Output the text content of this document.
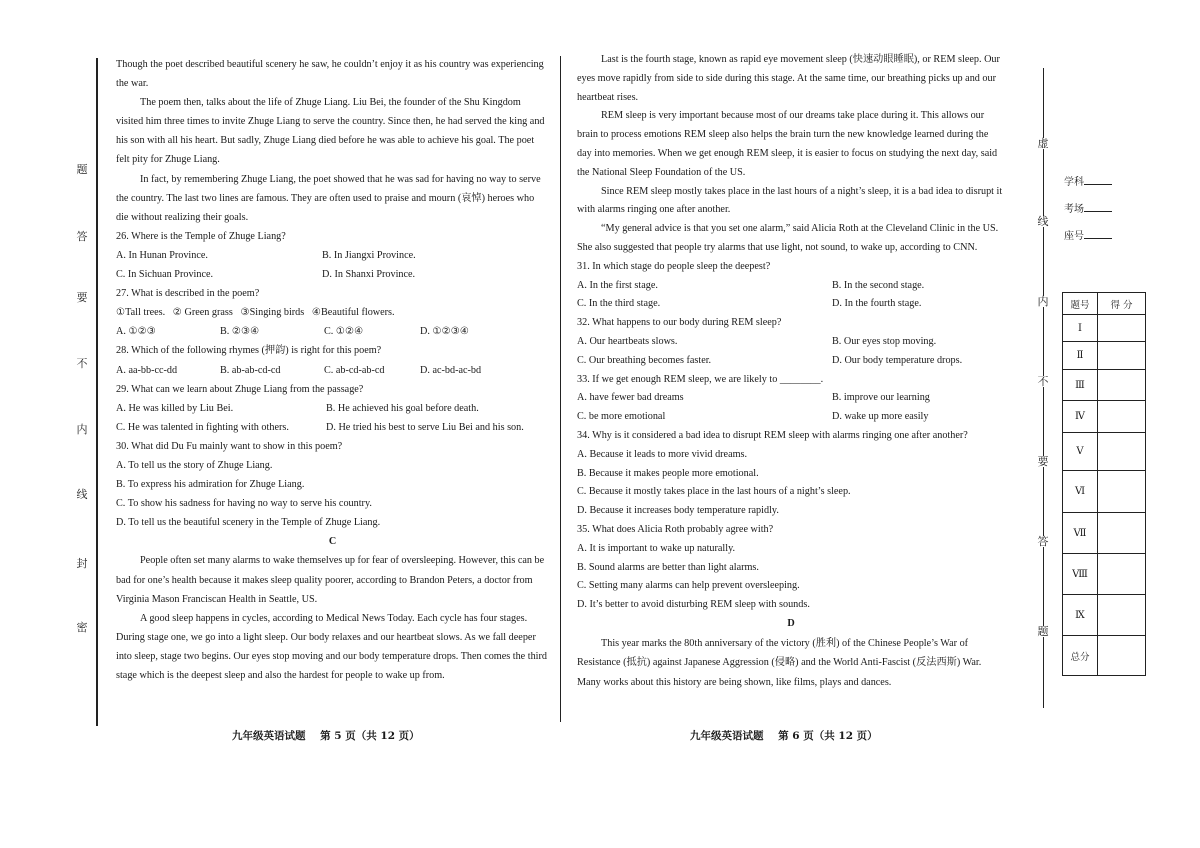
题
答
要
不
内
线
封
密

Though the poet described beautiful scenery he saw, he couldn’t enjoy it as his country was experiencing the war.

The poem then, talks about the life of Zhuge Liang. Liu Bei, the founder of the Shu Kingdom visited him three times to invite Zhuge Liang to serve the country. Since then, he had served the king and his son with all his heart. But sadly, Zhuge Liang died before he was able to achieve his goal. The poet felt pity for Zhuge Liang.

In fact, by remembering Zhuge Liang, the poet showed that he was sad for having no way to serve the country. The last two lines are famous. They are often used to praise and mourn (哀悼) heroes who die without realizing their goals.

26. Where is the Temple of Zhuge Liang?

A. In Hunan Province.	B. In Jiangxi Province.
C. In Sichuan Province.	D. In Shanxi Province.

27. What is described in the poem?

①Tall trees.   ② Green grass   ③Singing birds   ④Beautiful flowers.

A. ①②③	B. ②③④	C. ①②④	D. ①②③④

28. Which of the following rhymes (押韵) is right for this poem?

A. aa-bb-cc-dd	B. ab-ab-cd-cd	C. ab-cd-ab-cd	D. ac-bd-ac-bd

29. What can we learn about Zhuge Liang from the passage?

A. He was killed by Liu Bei.	B. He achieved his goal before death.
C. He was talented in fighting with others.	D. He tried his best to serve Liu Bei and his son.

30. What did Du Fu mainly want to show in this poem?

A. To tell us the story of Zhuge Liang.

B. To express his admiration for Zhuge Liang.

C. To show his sadness for having no way to serve his country.

D. To tell us the beautiful scenery in the Temple of Zhuge Liang.

C

People often set many alarms to wake themselves up for fear of oversleeping. However, this can be bad for one’s health because it makes sleep quality poorer, according to Brandon Peters, a doctor from Virginia Mason Franciscan Health in Seattle, US.

A good sleep happens in cycles, according to Medical News Today. Each cycle has four stages. During stage one, we go into a light sleep. Our body relaxes and our heartbeat slows. As we fall deeper into sleep, stage two begins. Our eyes stop moving and our body temperature drops. Then comes the third stage which is the deepest sleep and also the hardest for people to wake up from.

Last is the fourth stage, known as rapid eye movement sleep (快速动眼睡眠), or REM sleep. Our eyes move rapidly from side to side during this stage. At the same time, our breathing picks up and our heartbeat rises.

REM sleep is very important because most of our dreams take place during it. This allows our brain to process emotions REM sleep also helps the brain turn the new knowledge learned during the day into memories. When we get enough REM sleep, it is easier to focus on studying the next day, said the National Sleep Foundation of the US.

Since REM sleep mostly takes place in the last hours of a night’s sleep, it is a bad idea to disrupt it with alarms ringing one after another.

“My general advice is that you set one alarm,” said Alicia Roth at the Cleveland Clinic in the US. She also suggested that people try alarms that use light, not sound, to wake up, according to CNN.

31. In which stage do people sleep the deepest?

A. In the first stage.	B. In the second stage.
C. In the third stage.	D. In the fourth stage.

32. What happens to our body during REM sleep?

A. Our heartbeats slows.	B. Our eyes stop moving.
C. Our breathing becomes faster.	D. Our body temperature drops.

33. If we get enough REM sleep, we are likely to ________.

A. have fewer bad dreams	B. improve our learning
C. be more emotional	D. wake up more easily

34. Why is it considered a bad idea to disrupt REM sleep with alarms ringing one after another?

A. Because it leads to more vivid dreams.

B. Because it makes people more emotional.

C. Because it mostly takes place in the last hours of a night’s sleep.

D. Because it increases body temperature rapidly.

35. What does Alicia Roth probably agree with?

A. It is important to wake up naturally.

B. Sound alarms are better than light alarms.

C. Setting many alarms can help prevent oversleeping.

D. It’s better to avoid disturbing REM sleep with sounds.

D

This year marks the 80th anniversary of the victory (胜利) of the Chinese People’s War of Resistance (抵抗) against Japanese Aggression (侵略) and the World Anti-Fascist (反法西斯) War. Many works about this history are being shown, like films, plays and dances.

九年级英语试题    第 5 页（共 12 页）	九年级英语试题    第 6 页（共 12 页）
虚
线
内
不
要
答
题
学科
考场
座号
题号	得 分
Ⅰ	
Ⅱ	
Ⅲ	
Ⅳ	
Ⅴ	
Ⅵ	
Ⅶ	
Ⅷ	
Ⅸ	
总分	
